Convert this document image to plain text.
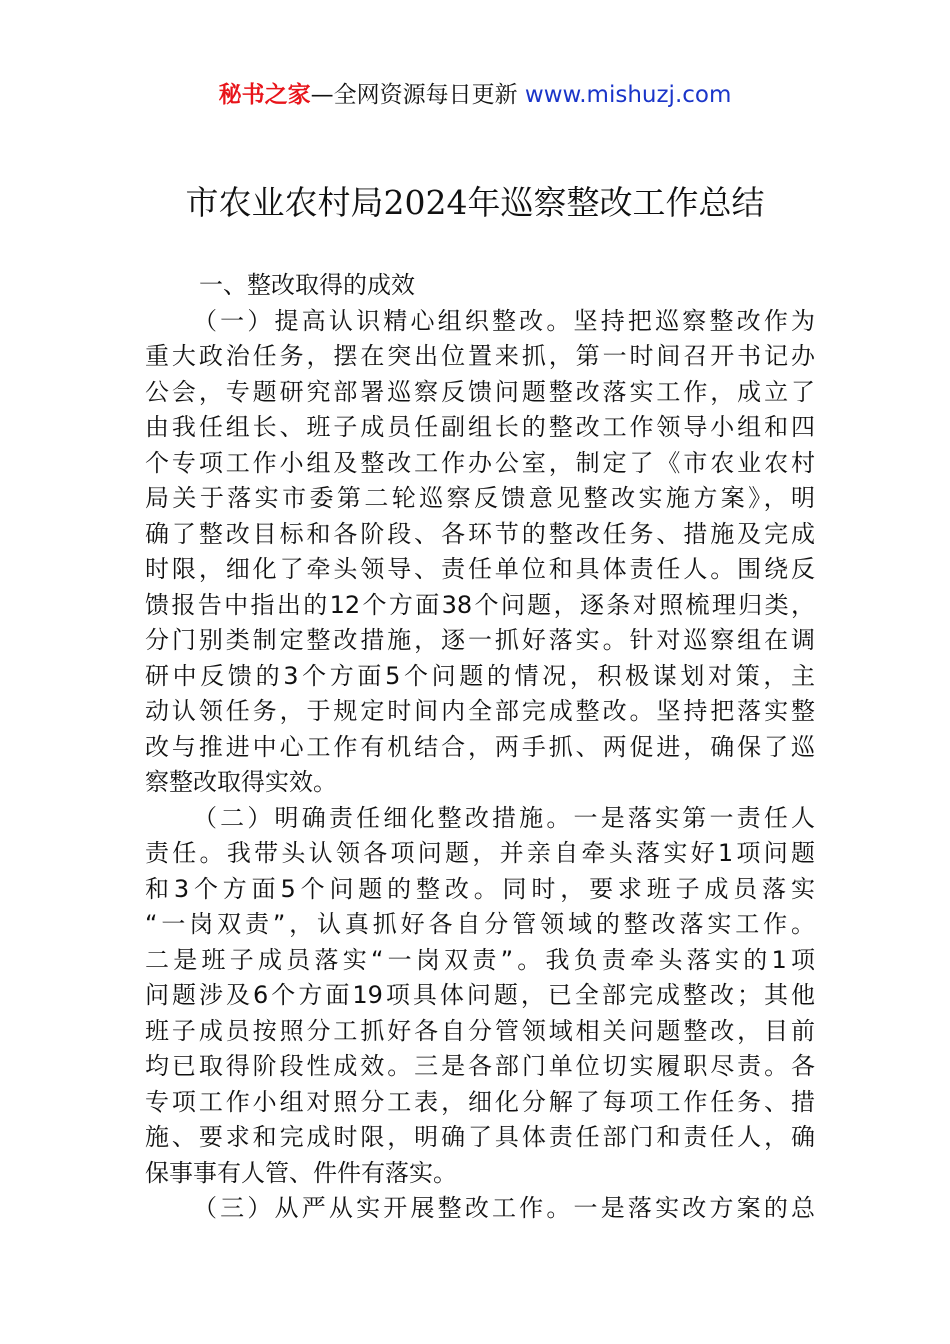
秘书之家—全网资源每日更新 www.mishuzj.com
市农业农村局2024年巡察整改工作总结
一、整改取得的成效
（一）提高认识精心组织整改。坚持把巡察整改作为
重大政治任务，摆在突出位置来抓，第一时间召开书记办
公会，专题研究部署巡察反馈问题整改落实工作，成立了
由我任组长、班子成员任副组长的整改工作领导小组和四
个专项工作小组及整改工作办公室，制定了《市农业农村
局关于落实市委第二轮巡察反馈意见整改实施方案》，明
确了整改目标和各阶段、各环节的整改任务、措施及完成
时限，细化了牵头领导、责任单位和具体责任人。围绕反
馈报告中指出的12个方面38个问题，逐条对照梳理归类，
分门别类制定整改措施，逐一抓好落实。针对巡察组在调
研中反馈的3个方面5个问题的情况，积极谋划对策，主
动认领任务，于规定时间内全部完成整改。坚持把落实整
改与推进中心工作有机结合，两手抓、两促进，确保了巡
察整改取得实效。
（二）明确责任细化整改措施。一是落实第一责任人
责任。我带头认领各项问题，并亲自牵头落实好1项问题
和3个方面5个问题的整改。同时，要求班子成员落实
“一岗双责”，认真抓好各自分管领域的整改落实工作。
二是班子成员落实“一岗双责”。我负责牵头落实的1项
问题涉及6个方面19项具体问题，已全部完成整改；其他
班子成员按照分工抓好各自分管领域相关问题整改，目前
均已取得阶段性成效。三是各部门单位切实履职尽责。各
专项工作小组对照分工表，细化分解了每项工作任务、措
施、要求和完成时限，明确了具体责任部门和责任人，确
保事事有人管、件件有落实。
（三）从严从实开展整改工作。一是落实改方案的总
